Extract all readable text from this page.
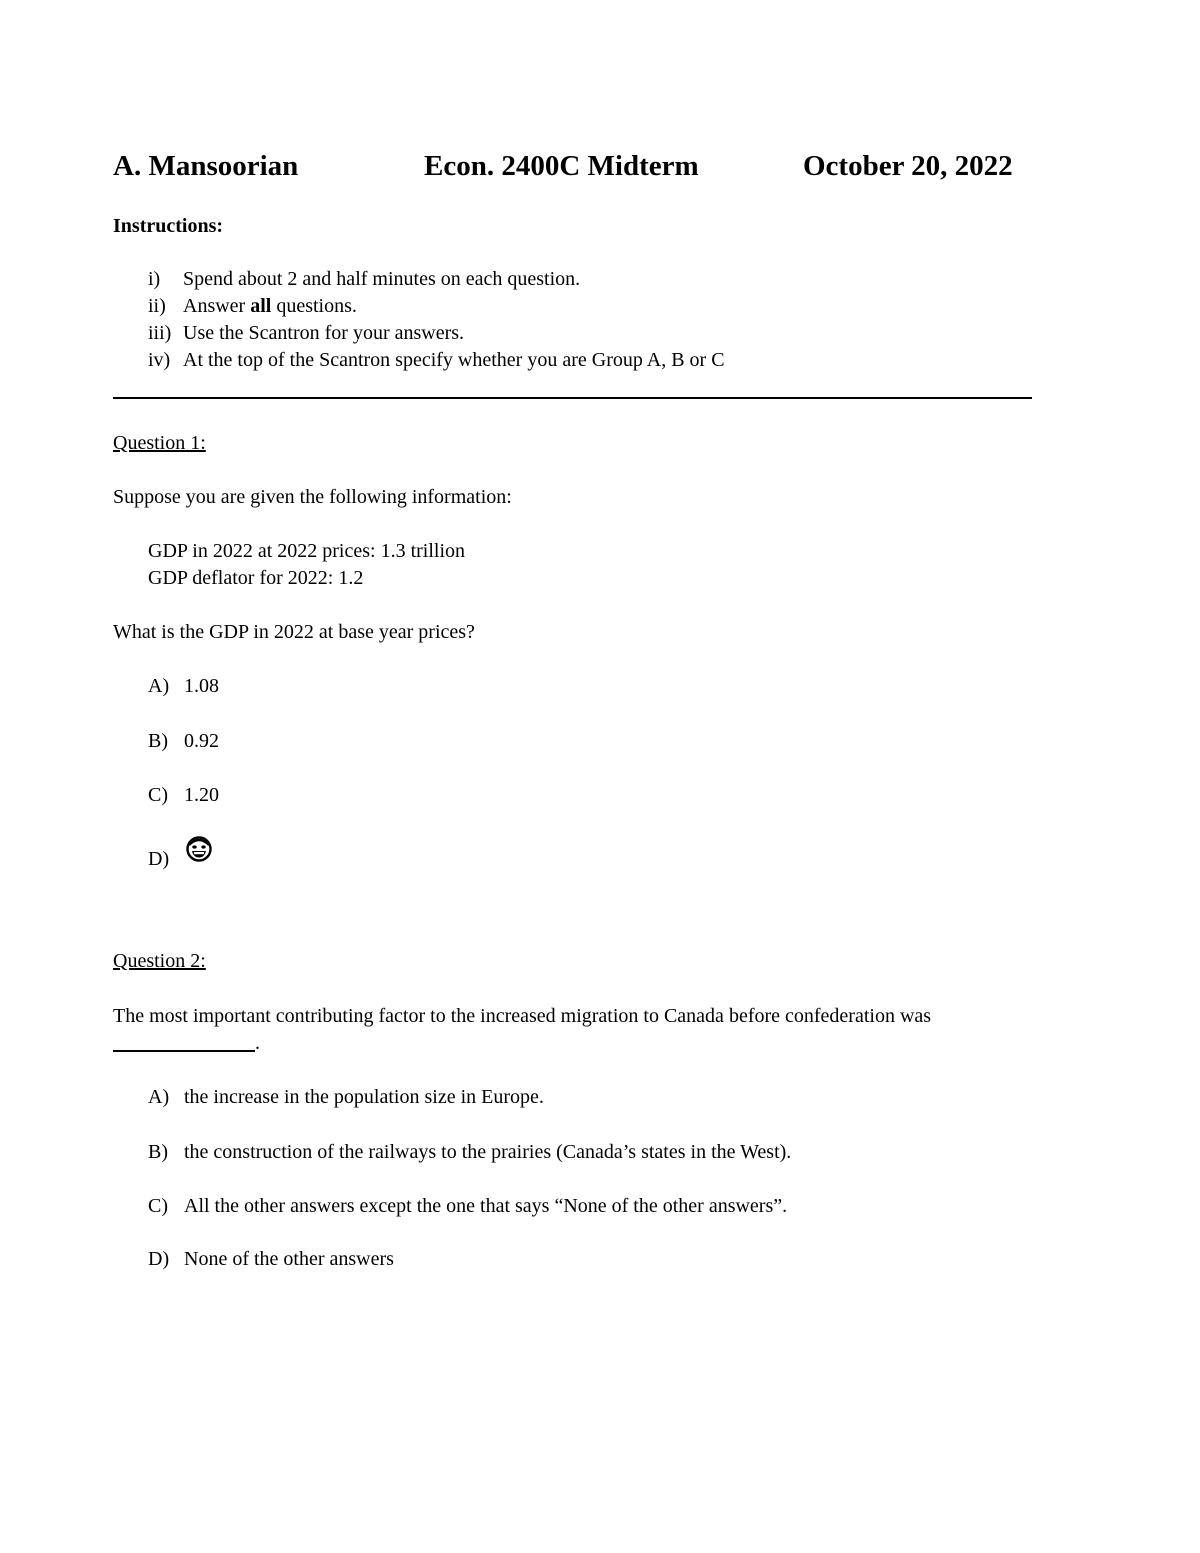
A. Mansoorian	Econ. 2400C Midterm	October 20, 2022
Instructions:
i) Spend about 2 and half minutes on each question.
ii) Answer all questions.
iii) Use the Scantron for your answers.
iv) At the top of the Scantron specify whether you are Group A, B or C
Question 1:
Suppose you are given the following information:
GDP in 2022 at 2022 prices: 1.3 trillion
GDP deflator for 2022: 1.2
What is the GDP in 2022 at base year prices?
A) 1.08
B) 0.92
C) 1.20
D)
Question 2:
The most important contributing factor to the increased migration to Canada before confederation was
.
A) the increase in the population size in Europe.
B) the construction of the railways to the prairies (Canada’s states in the West).
C) All the other answers except the one that says “None of the other answers”.
D) None of the other answers
